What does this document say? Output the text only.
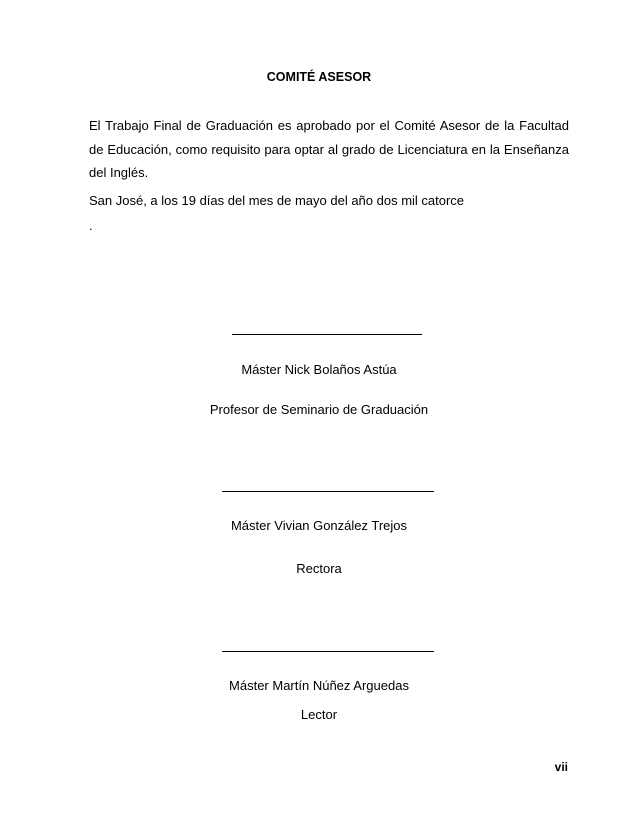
COMITÉ ASESOR
El Trabajo Final de Graduación es aprobado por el Comité Asesor de la Facultad de Educación, como requisito para optar al grado de Licenciatura en la Enseñanza del Inglés.
San José, a los 19 días del mes de mayo del año dos mil catorce
.
Máster Nick Bolaños Astúa
Profesor de Seminario de Graduación
Máster Vivian González Trejos
Rectora
Máster Martín Núñez Arguedas
Lector
vii
